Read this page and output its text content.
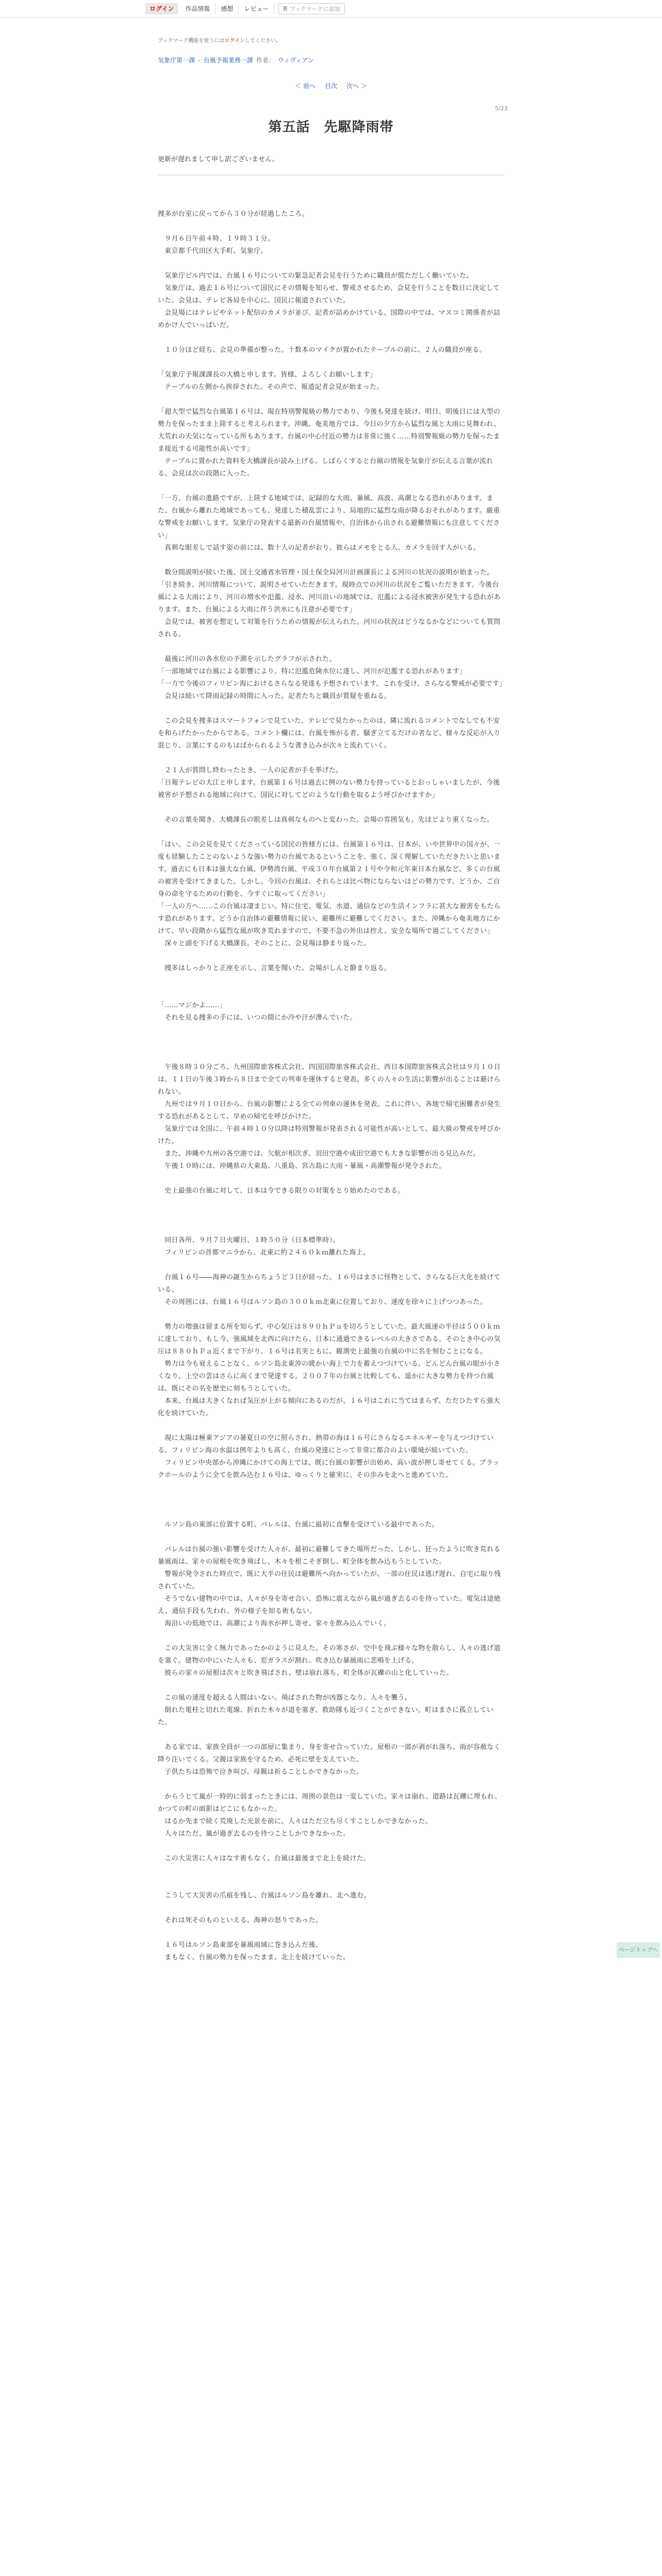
ログイン	作品情報	感想	レビュー	ブックマークに追加
ブックマーク機能を使うにはログインしてください。
気象庁第一課 › 台風予報業務一課 作者： ウィヴィアン
＜ 前へ 目次 次へ ＞
5/23
第五話　先駆降雨帯
更新が遅れまして申し訳ございません。

捜多が台室に戻ってから３０分が経過したころ。

　９月６日午前４時、１９時３１分。

　東京都千代田区大手町、気象庁。

　気象庁ビル内では、台風１６号についての緊急記者会見を行うために職員が慌ただしく働いていた。

　気象庁は、過去１６号について国民にその情報を知らせ、警戒させるため、会見を行うことを数日に決定していた。会見は、テレビ各局を中心に、国民に報道されていた。

　会見場にはテレビやネット配信のカメラが並び、記者が詰めかけている。国際の中では、マスコミ関係者が詰めかけ人でいっぱいだ。

　１０分ほど経ち、会見の準備が整った。十数本のマイクが置かれたテーブルの前に、２人の職員が座る。

「気象庁予報課課長の大橋と申します。皆様、よろしくお願いします」

　テーブルの左側から挨拶された。その声で、報道記者会見が始まった。

「超大型で猛烈な台風第１６号は、現在特別警報級の勢力であり、今後も発達を続け、明日、明後日には大型の勢力を保ったまま上陸すると考えられます。沖縄、奄美地方では、今日の夕方から猛烈な風と大雨に見舞われ、大荒れの天気になっている所もあります。台風の中心付近の勢力は非常に強く……特別警報級の勢力を保ったまま接近する可能性が高いです」

　テーブルに置かれた資料を大橋課長が読み上げる。しばらくすると台風の情報を気象庁が伝える言葉が流れる。会見は次の段階に入った。

「一方、台風の進路ですが、上陸する地域では、記録的な大雨、暴風、高波、高潮となる恐れがあります。また、台風から離れた地域であっても、発達した積乱雲により、局地的に猛烈な雨が降るおそれがあります。厳重な警戒をお願いします。気象庁の発表する最新の台風情報や、自治体から出される避難情報にも注意してください」

　真剣な眼差しで話す姿の前には、数十人の記者がおり、彼らはメモをとる人、カメラを回す人がいる。

　数分間説明が続いた後、国土交通省水管理・国土保全局河川計画課長による河川の状況の説明が始まった。

「引き続き、河川情報について、説明させていただきます。現時点での河川の状況をご覧いただきます。今後台風による大雨により、河川の増水や氾濫、浸水、河川沿いの地域では、氾濫による浸水被害が発生する恐れがあります。また、台風による大雨に伴う洪水にも注意が必要です」

　会見では、被害を想定して対策を行うための情報が伝えられた。河川の状況はどうなるかなどについても質問される。

　最後に河川の各水位の予測を示したグラフが示された。

「一部地域では台風による影響により、特に氾濫危険水位に達し、河川が氾濫する恐れがあります」

「一方で今後のフィリピン海におけるさらなる発達も予想されています。これを受け、さらなる警戒が必要です」

　会見は続いて降雨記録の時間に入った。記者たちと職員が質疑を重ねる。

　この会見を捜多はスマートフォンで見ていた。テレビで見たかったのは、隣に流れるコメントでなしでも不安を和らげたかったからである。コメント欄には、台風を怖がる者、騒ぎ立てるだけの者など、様々な反応が入り混じり、言葉にするのもはばかられるような書き込みが次々と流れていく。

　２１人が質問し終わったとき、一人の記者が手を挙げた。

「日報テレビの大江と申します。台風第１６号は過去に例のない勢力を持っているとおっしゃいましたが、今後被害が予想される地域に向けて、国民に対してどのような行動を取るよう呼びかけますか」

　その言葉を聞き、大橋課長の眼差しは真剣なものへと変わった。会場の雰囲気も、先ほどより重くなった。

「はい。この会見を見てくださっている国民の皆様方には、台風第１６号は、日本が、いや世界中の国々が、一度も経験したことのないような強い勢力の台風であるということを、強く、深く理解していただきたいと思います。過去にも日本は強大な台風、伊勢湾台風、平成３０年台風第２１号や令和元年東日本台風など、多くの台風の被害を受けてきました。しかし、今回の台風は、それらとは比べ物にならないほどの勢力です。どうか、ご自身の命を守るための行動を、今すぐに取ってください」

「一人の方へ……この台風は凄まじい。特に住宅、電気、水道、通信などの生活インフラに甚大な被害をもたらす恐れがあります。どうか自治体の避難情報に従い、避難所に避難してください。また、沖縄から奄美地方にかけて、早い段階から猛烈な風が吹き荒れますので、不要不急の外出は控え、安全な場所で過ごしてください」

　深々と頭を下げる大橋課長。そのことに、会見場は静まり返った。

　捜多はしっかりと正座を示し、言葉を聞いた。会場がしんと静まり返る。

「……マジかよ……」

　それを見る捜多の手には、いつの間にか冷や汗が滲んでいた。

　午後８時３０分ごろ、九州国際旅客株式会社、四国国際旅客株式会社、西日本国際旅客株式会社は９月１０日は、１１日の午後３時から８日まで全ての列車を運休すると発表。多くの人々の生活に影響が出ることは避けられない。

　九州では９月１０日から、台風の影響による全ての列車の運休を発表。これに伴い、各地で帰宅困難者が発生する恐れがあるとして、早めの帰宅を呼びかけた。

　気象庁では全国に、午前４時１０分以降は特別警報が発表される可能性が高いとして、最大級の警戒を呼びかけた。

　また、沖縄や九州の各空港では、欠航が相次ぎ、羽田空港や成田空港でも大きな影響が出る見込みだ。

　午後１０時には、沖縄県の大東島、八重島、宮古島に大雨・暴風・高潮警報が発令された。

　史上最強の台風に対して、日本は今できる限りの対策をとり始めたのである。

　同日各所、９月７日火曜日、１時５０分（日本標準時）。

　フィリピンの首都マニラから、北東に約２４６０ｋｍ離れた海上。

　台風１６号――海神の誕生からちょうど３日が経った。１６号はまさに怪物として、さらなる巨大化を続けている。

　その周囲には、台風１６号はルソン島の３００ｋｍ北東に位置しており、速度を徐々に上げつつあった。

　勢力の増強は留まる所を知らず、中心気圧は８９０ｈＰａを切ろうとしていた。最大風速の半径は５００ｋｍに達しており、もし今、強風域を北西に向けたら、日本に通過できるレベルの大きさである。そのとき中心の気圧は８８０ｈＰａ近くまで下がり、１６号は名実ともに、観測史上最強の台風の中に名を刻むことになる。

　勢力は今も衰えることなく、ルソン島北東沖の暖かい海上で力を蓄えつづけている。どんどん台風の眼が小さくなり、上空の雲はさらに高くまで発達する。２００７年の台風と比較しても、遥かに大きな勢力を持つ台風は、既にその名を歴史に刻もうとしていた。

　本来、台風は大きくなれば気圧が上がる傾向にあるのだが、１６号はこれに当てはまらず、ただひたすら強大化を続けていた。

　現に太陽は極東アジアの暑夏日の空に照らされ、熱帯の海は１６号にさらなるエネルギーを与えつづけている。フィリピン海の水温は例年よりも高く、台風の発達にとって非常に都合のよい環境が続いていた。

　フィリピン中央部から沖縄にかけての海上では、既に台風の影響が出始め、高い波が押し寄せてくる。ブラックホールのように全てを飲み込む１６号は、ゆっくりと確実に、その歩みを北へと進めていた。

　ルソン島の東部に位置する町、パレルは、台風に最初に直撃を受けている最中であった。

　パレルは台風の強い影響を受けた人々が、最初に避難してきた場所だった。しかし、狂ったように吹き荒れる暴風雨は、家々の屋根を吹き飛ばし、木々を根こそぎ倒し、町全体を飲み込もうとしていた。

　警報が発令された時点で、既に大半の住民は避難所へ向かっていたが、一部の住民は逃げ遅れ、自宅に取り残されていた。

　そうでない建物の中では、人々が身を寄せ合い、恐怖に震えながら嵐が過ぎ去るのを待っていた。電気は途絶え、通信手段も失われ、外の様子を知る術もない。

　海沿いの低地では、高潮により海水が押し寄せ、家々を飲み込んでいく。

　この大災害に全く無力であったかのように見えた。その寒さが、空中を飛ぶ様々な物を散らし、人々の逃げ道を塞ぐ。建物の中にいた人々も、窓ガラスが割れ、吹き込む暴風雨に悲鳴を上げる。

　彼らの家々の屋根は次々と吹き飛ばされ、壁は崩れ落ち、町全体が瓦礫の山と化していった。

　この風の速度を超える人間はいない。飛ばされた物が凶器となり、人々を襲う。

　倒れた電柱と切れた電線、折れた木々が道を塞ぎ、救助隊も近づくことができない。町はまさに孤立していた。

　ある家では、家族全員が一つの部屋に集まり、身を寄せ合っていた。屋根の一部が剥がれ落ち、雨が容赦なく降り注いでくる。父親は家族を守るため、必死に壁を支えていた。

　子供たちは恐怖で泣き叫び、母親は祈ることしかできなかった。

　からうじて嵐が一時的に弱まったときには、周囲の景色は一変していた。家々は崩れ、道路は瓦礫に埋もれ、かつての町の面影はどこにもなかった。

　はるか先まで続く荒廃した光景を前に、人々はただ立ち尽くすことしかできなかった。

　人々はただ、嵐が過ぎ去るのを待つことしかできなかった。

　この大災害に人々はなす術もなく、台風は最後まで北上を続けた。

　こうして大災害の爪痕を残し、台風はルソン島を離れ、北へ進む。

　それは死そのものといえる、海神の怒りであった。

　１６号はルソン島東部を暴風雨域に巻き込んだ後、

　まもなく、台風の勢力を保ったまま、北上を続けていった。

ページトップへ
